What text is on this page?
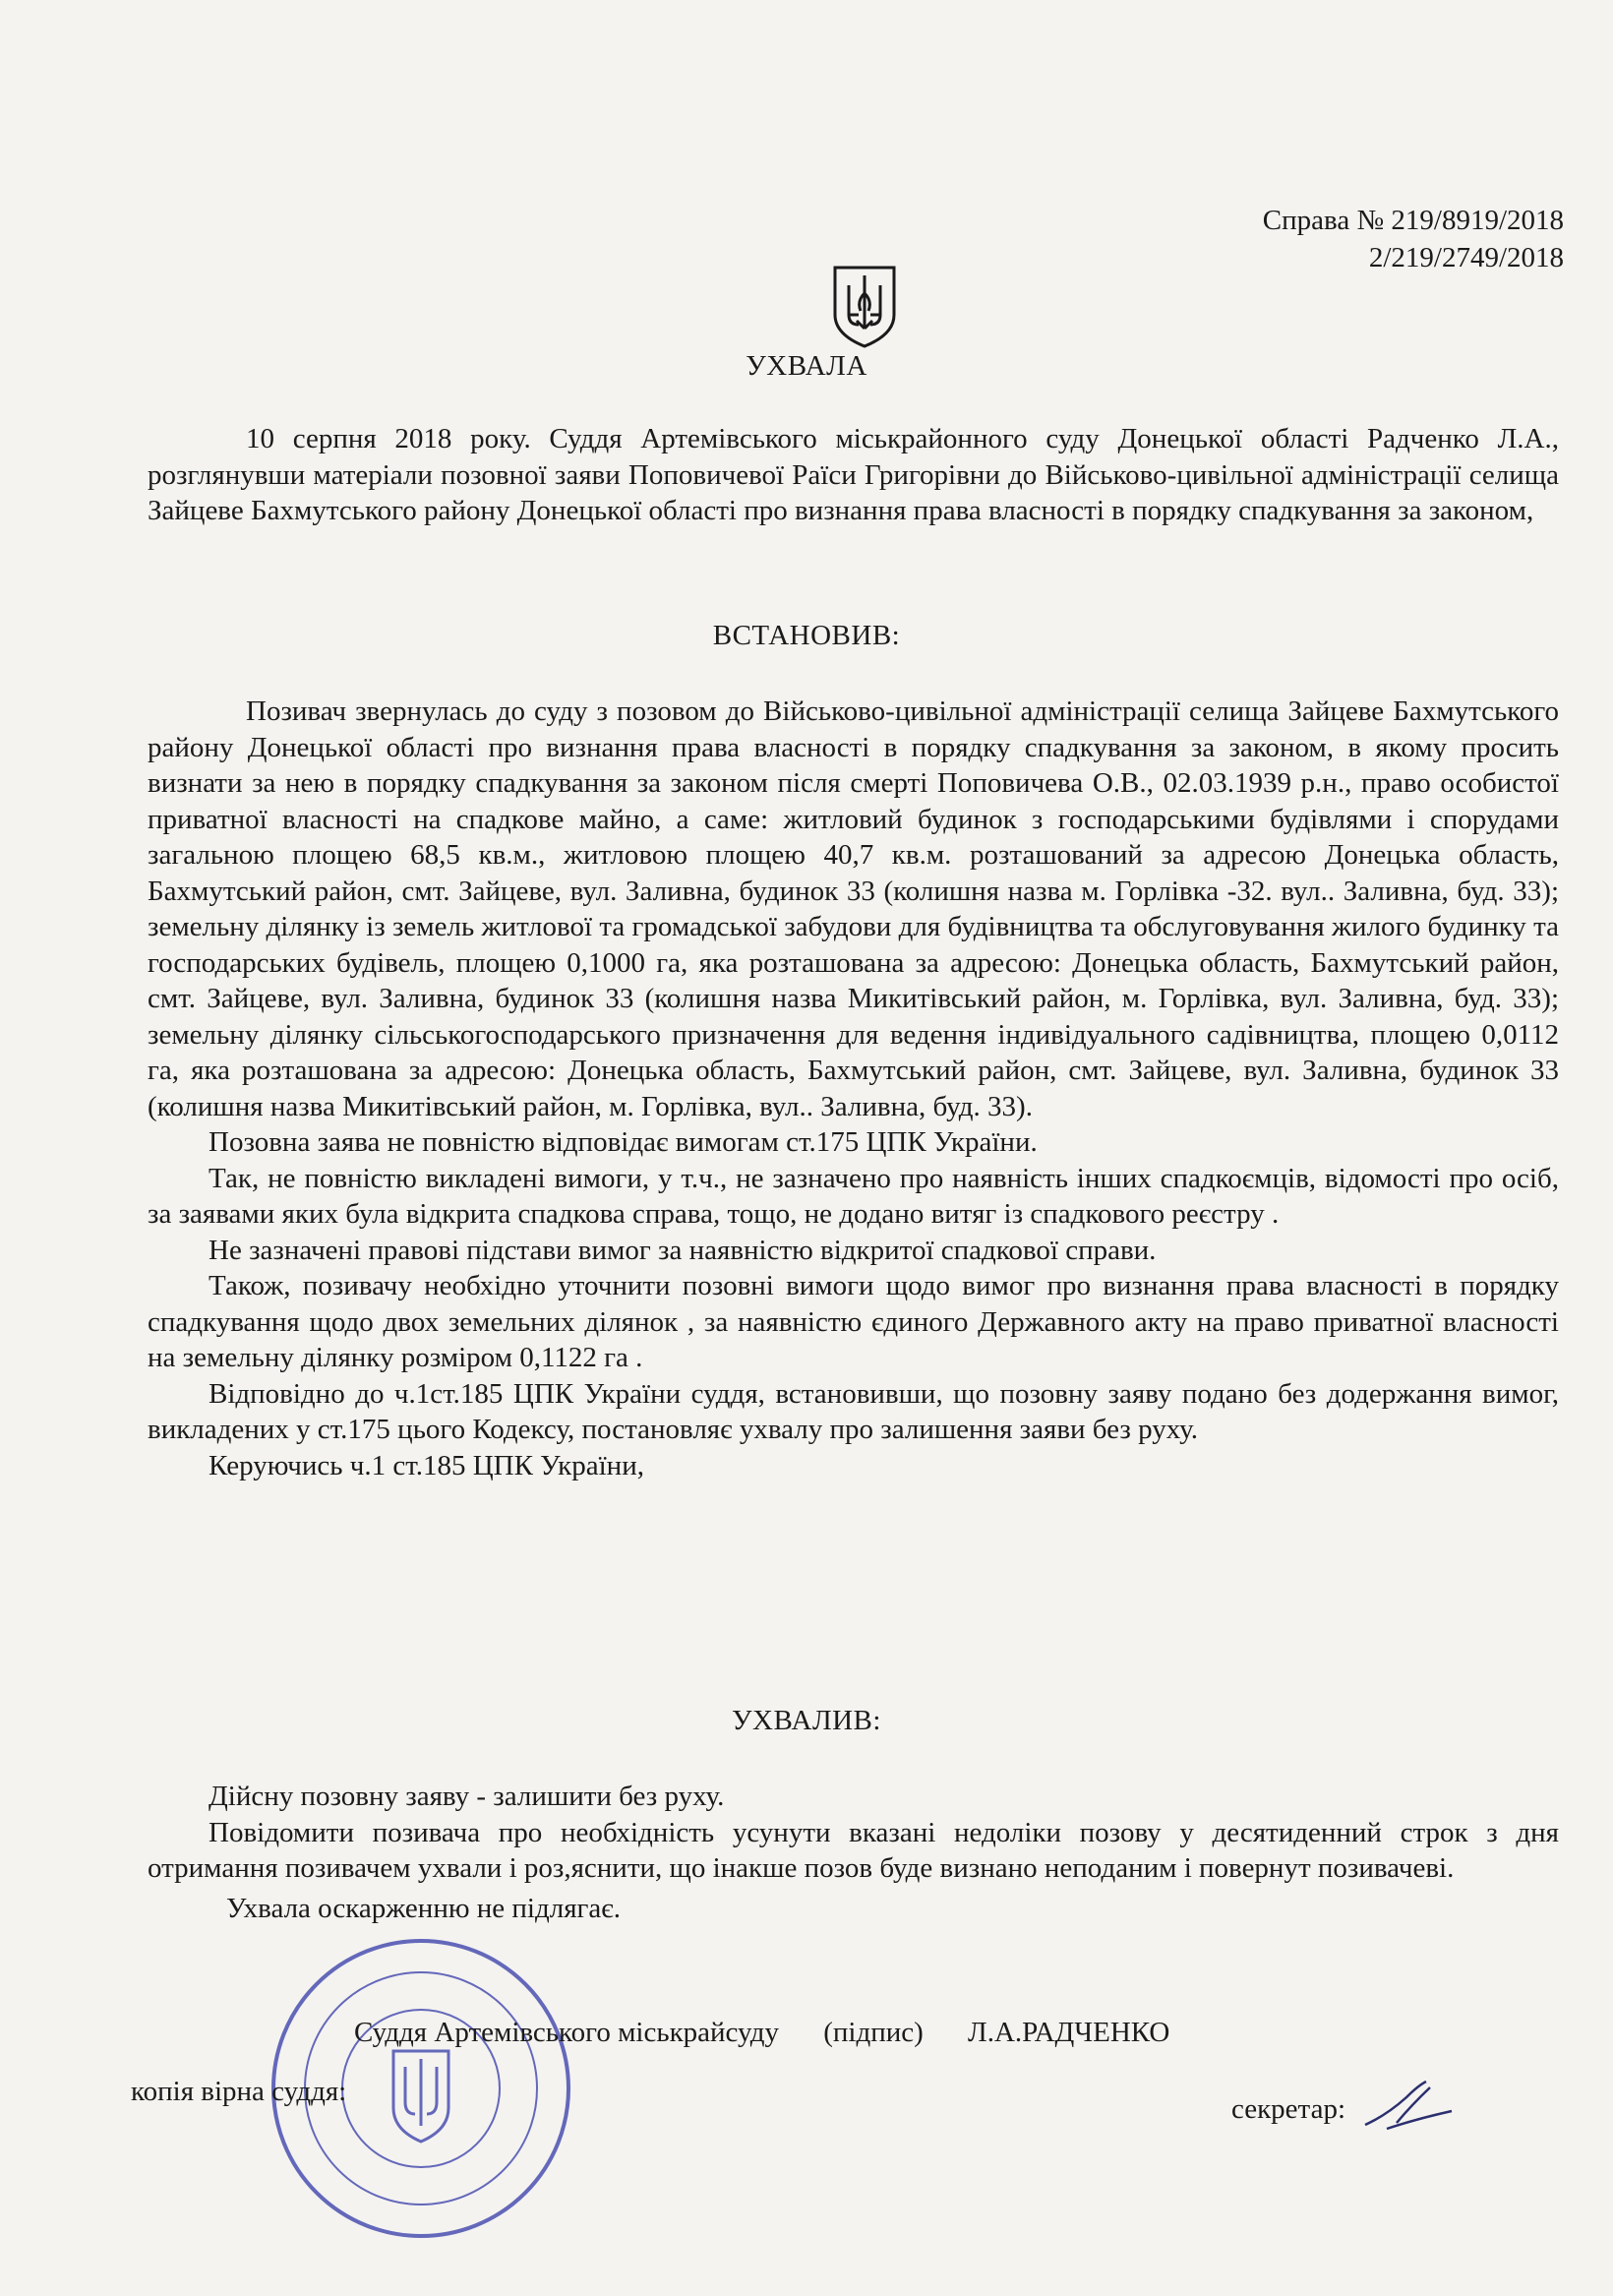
Справа № 219/8919/2018
2/219/2749/2018
УХВАЛА

10 серпня 2018 року. Суддя Артемівського міськрайонного суду Донецької області Радченко Л.А., розглянувши матеріали позовної заяви Поповичевої Раїси Григорівни до Військово-цивільної адміністрації селища Зайцеве Бахмутського району Донецької області про визнання права власності в порядку спадкування за законом,

ВСТАНОВИВ:

Позивач звернулась до суду з позовом до Військово-цивільної адміністрації селища Зайцеве Бахмутського району Донецької області про визнання права власності в порядку спадкування за законом, в якому просить визнати за нею в порядку спадкування за законом після смерті Поповичева О.В., 02.03.1939 р.н., право особистої приватної власності на спадкове майно, а саме: житловий будинок з господарськими будівлями і спорудами загальною площею 68,5 кв.м., житловою площею 40,7 кв.м. розташований за адресою Донецька область, Бахмутський район, смт. Зайцеве, вул. Заливна, будинок 33 (колишня назва м. Горлівка -32. вул.. Заливна, буд. 33); земельну ділянку із земель житлової та громадської забудови для будівництва та обслуговування жилого будинку та господарських будівель, площею 0,1000 га, яка розташована за адресою: Донецька область, Бахмутський район, смт. Зайцеве, вул. Заливна, будинок 33 (колишня назва Микитівський район, м. Горлівка, вул. Заливна, буд. 33); земельну ділянку сільськогосподарського призначення для ведення індивідуального садівництва, площею 0,0112 га, яка розташована за адресою: Донецька область, Бахмутський район, смт. Зайцеве, вул. Заливна, будинок 33 (колишня назва Микитівський район, м. Горлівка, вул.. Заливна, буд. 33).

Позовна заява не повністю відповідає вимогам ст.175 ЦПК України.

Так, не повністю викладені вимоги, у т.ч., не зазначено про наявність інших спадкоємців, відомості про осіб, за заявами яких була відкрита спадкова справа, тощо, не додано витяг із спадкового реєстру .

Не зазначені правові підстави вимог за наявністю відкритої спадкової справи.

Також, позивачу необхідно уточнити позовні вимоги щодо вимог про визнання права власності в порядку спадкування щодо двох земельних ділянок , за наявністю єдиного Державного акту на право приватної власності на земельну ділянку розміром 0,1122 га .

Відповідно до ч.1ст.185 ЦПК України суддя, встановивши, що позовну заяву подано без додержання вимог, викладених у ст.175 цього Кодексу, постановляє ухвалу про залишення заяви без руху.

Керуючись ч.1 ст.185 ЦПК України,

УХВАЛИВ:

Дійсну позовну заяву - залишити без руху.

Повідомити позивача про необхідність усунути вказані недоліки позову у десятиденний строк з дня отримання позивачем ухвали і роз,яснити, що інакше позов буде визнано неподаним і повернут позивачеві.

Ухвала оскарженню не підлягає.

Суддя Артемівського міськрайсуду (підпис) Л.А.РАДЧЕНКО
копія вірна суддя:
секретар:
